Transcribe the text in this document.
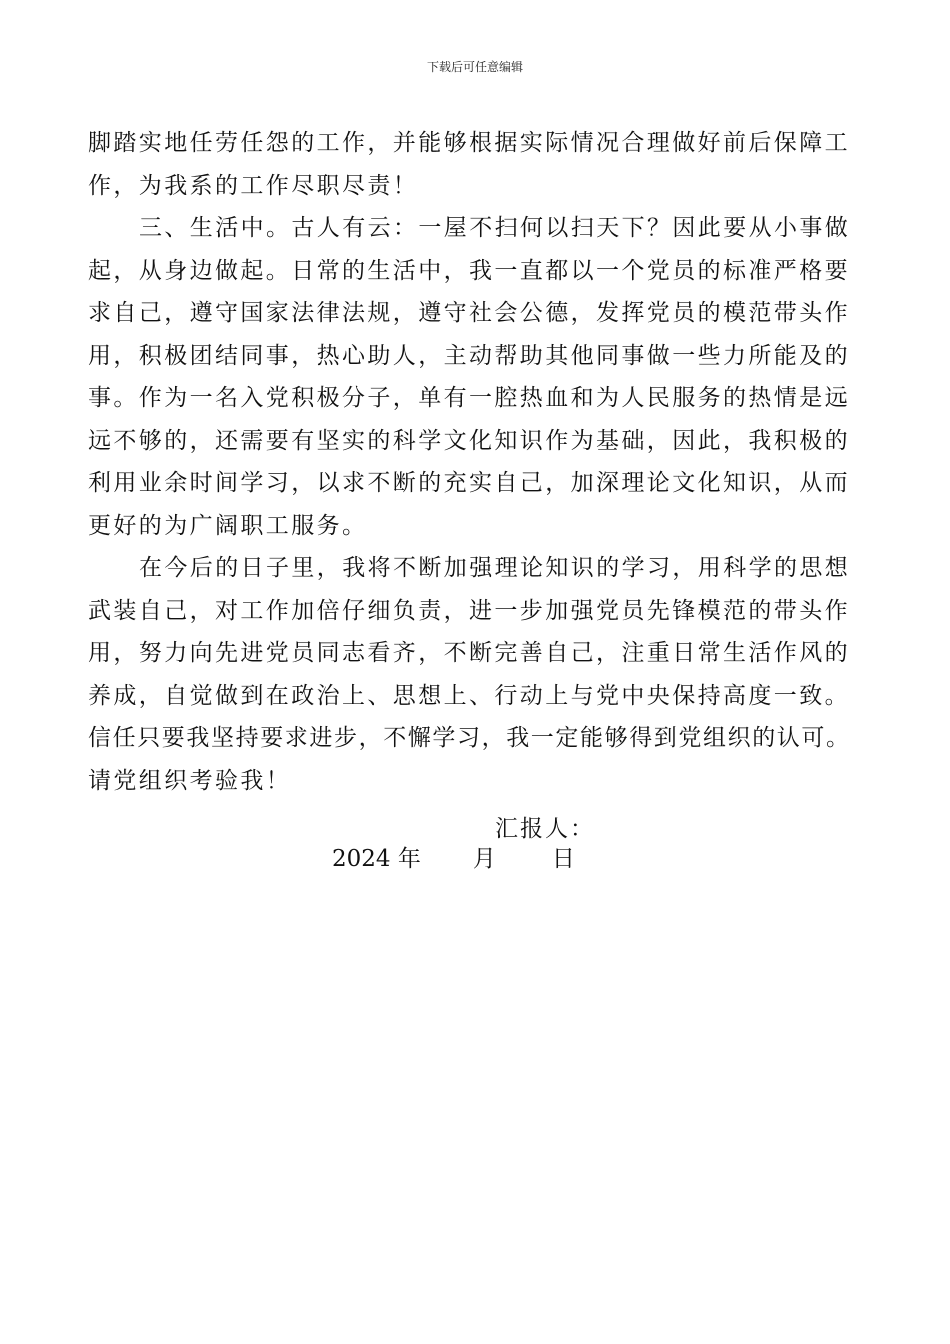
下载后可任意编辑

脚踏实地任劳任怨的工作，并能够根据实际情况合理做好前后保障工
作，为我系的工作尽职尽责！

三、生活中。古人有云：一屋不扫何以扫天下？因此要从小事做
起，从身边做起。日常的生活中，我一直都以一个党员的标准严格要
求自己，遵守国家法律法规，遵守社会公德，发挥党员的模范带头作
用，积极团结同事，热心助人，主动帮助其他同事做一些力所能及的
事。作为一名入党积极分子，单有一腔热血和为人民服务的热情是远
远不够的，还需要有坚实的科学文化知识作为基础，因此，我积极的
利用业余时间学习，以求不断的充实自己，加深理论文化知识，从而
更好的为广阔职工服务。

在今后的日子里，我将不断加强理论知识的学习，用科学的思想
武装自己，对工作加倍仔细负责，进一步加强党员先锋模范的带头作
用，努力向先进党员同志看齐，不断完善自己，注重日常生活作风的
养成，自觉做到在政治上、思想上、行动上与党中央保持高度一致。
信任只要我坚持要求进步，不懈学习，我一定能够得到党组织的认可。
请党组织考验我！

汇报人：
2024 年 月 日
